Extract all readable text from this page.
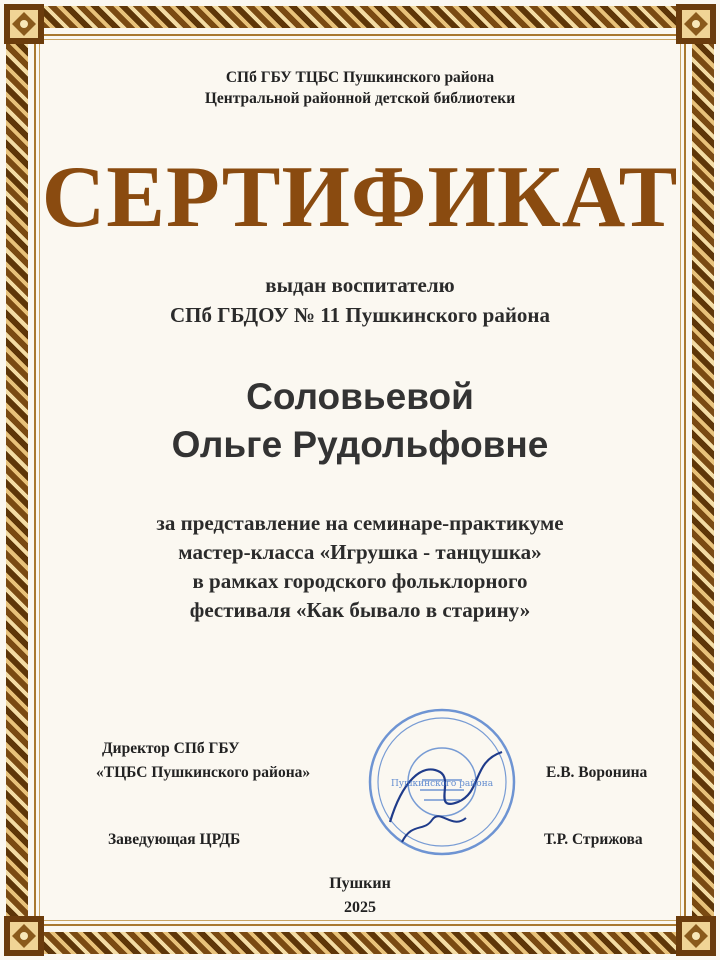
СПб ГБУ ТЦБС Пушкинского района
Центральной районной детской библиотеки
СЕРТИФИКАТ
выдан воспитателю
СПб ГБДОУ № 11 Пушкинского района
Соловьевой
Ольге Рудольфовне
за представление на семинаре-практикуме
мастер-класса «Игрушка - танцушка»
в рамках городского фольклорного
фестиваля «Как бывало в старину»
Пушкинского района
Директор СПб ГБУ
«ТЦБС Пушкинского района»	Е.В. Воронина
Заведующая ЦРДБ	Т.Р. Стрижова
Пушкин
2025
